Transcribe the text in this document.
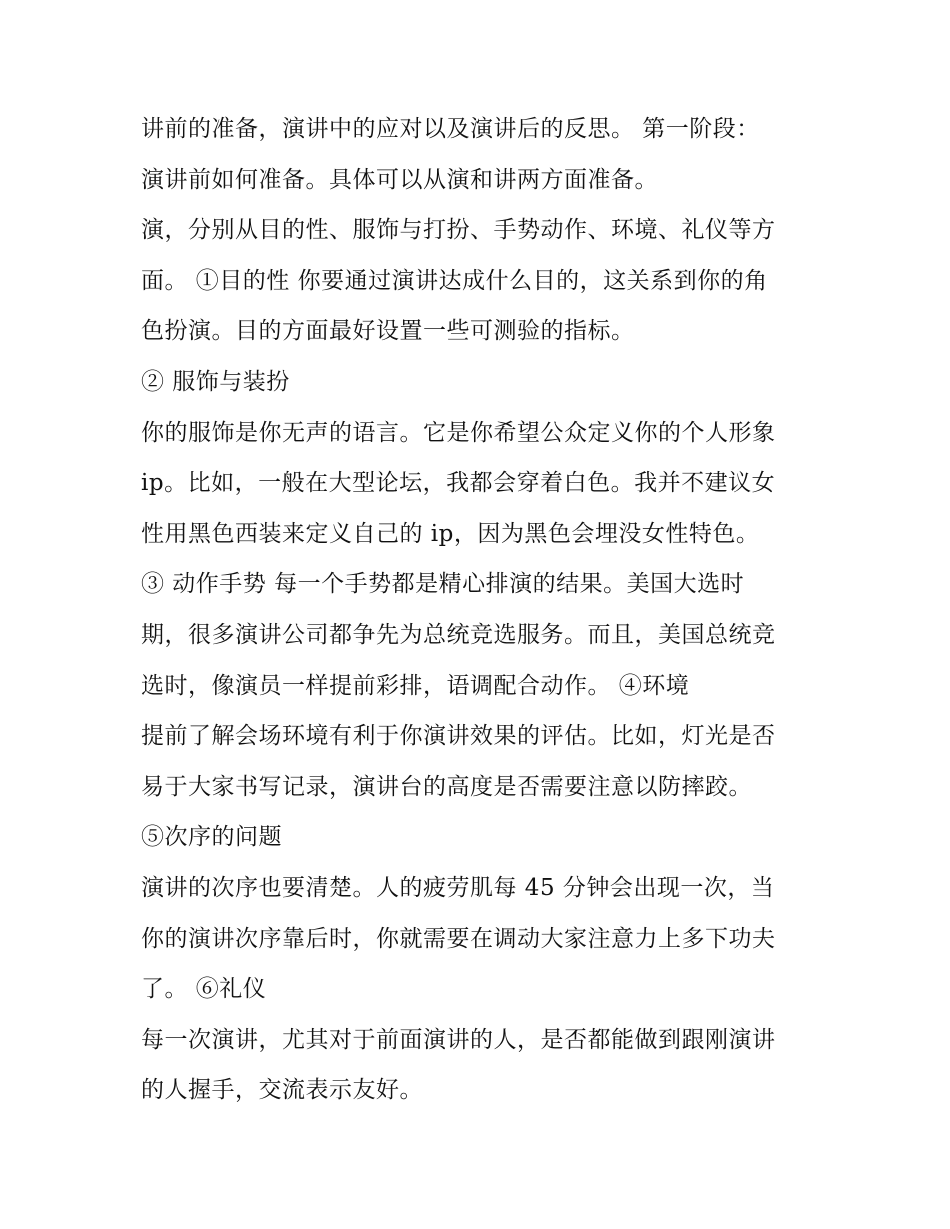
讲前的准备，演讲中的应对以及演讲后的反思。 第一阶段：
演讲前如何准备。具体可以从演和讲两方面准备。
演，分别从目的性、服饰与打扮、手势动作、环境、礼仪等方
面。 ①目的性 你要通过演讲达成什么目的，这关系到你的角
色扮演。目的方面最好设置一些可测验的指标。
② 服饰与装扮
你的服饰是你无声的语言。它是你希望公众定义你的个人形象
ip。比如，一般在大型论坛，我都会穿着白色。我并不建议女
性用黑色西装来定义自己的 ip，因为黑色会埋没女性特色。
③ 动作手势 每一个手势都是精心排演的结果。美国大选时
期，很多演讲公司都争先为总统竞选服务。而且，美国总统竞
选时，像演员一样提前彩排，语调配合动作。 ④环境
提前了解会场环境有利于你演讲效果的评估。比如，灯光是否
易于大家书写记录，演讲台的高度是否需要注意以防摔跤。
⑤次序的问题
演讲的次序也要清楚。人的疲劳肌每 45 分钟会出现一次，当
你的演讲次序靠后时，你就需要在调动大家注意力上多下功夫
了。 ⑥礼仪
每一次演讲，尤其对于前面演讲的人，是否都能做到跟刚演讲
的人握手，交流表示友好。
